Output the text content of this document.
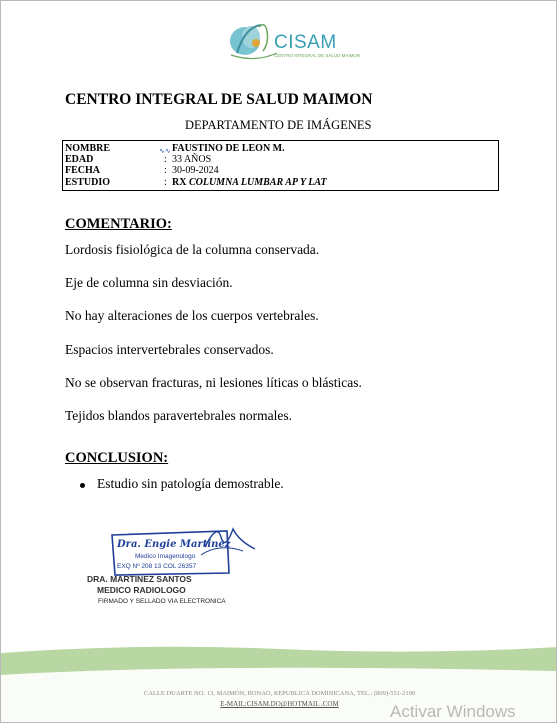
CISAM
CENTRO INTEGRAL DE SALUD MAIMON
CENTRO INTEGRAL DE SALUD MAIMON
DEPARTAMENTO DE IMÁGENES
∿∿
NOMBRE	FAUSTINO DE LEON M.
EDAD	: 33 AÑOS
FECHA	: 30-09-2024
ESTUDIO	: RX COLUMNA LUMBAR AP Y LAT
COMENTARIO:
Lordosis fisiológica de la columna conservada.
Eje de columna sin desviación.
No hay alteraciones de los cuerpos vertebrales.
Espacios intervertebrales conservados.
No se observan fracturas, ni lesiones líticas o blásticas.
Tejidos blandos paravertebrales normales.
CONCLUSION:
Estudio sin patología demostrable.
Dra. Engie Martinez
Medico Imagenologo
EXQ Nº 208 13 COL 26357
DRA. MARTINEZ SANTOS
MEDICO RADIOLOGO
FIRMADO Y SELLADO VIA ELECTRONICA
CALLE DUARTE NO. 13, MAIMÓN, BONAO, REPUBLICA DOMINICANA, TEL.: (809)-551-2190
E-MAIL:CISAM.DO@HOTMAIL .COM	Activar Windows
